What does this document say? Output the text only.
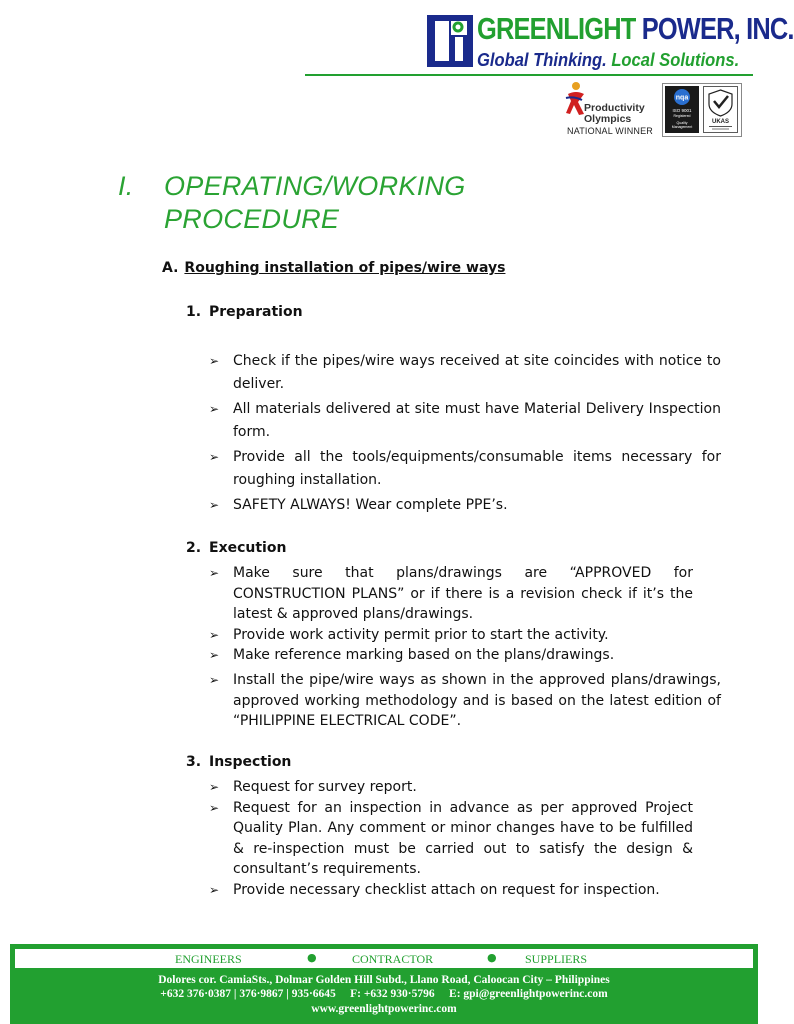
GREENLIGHT POWER, INC.
Global Thinking. Local Solutions.
Productivity
Olympics
NATIONAL WINNER
nqa
ISO 9001
Registered
Quality
Management
UKAS
I. OPERATING/WORKING
PROCEDURE
A. Roughing installation of pipes/wire ways
1. Preparation
➢ Check if the pipes/wire ways received at site coincides with notice to deliver.
➢ All materials delivered at site must have Material Delivery Inspection form.
➢ Provide all the tools/equipments/consumable items necessary for roughing installation.
➢ SAFETY ALWAYS! Wear complete PPE’s.
2. Execution
➢ Make sure that plans/drawings are “APPROVED for CONSTRUCTION PLANS” or if there is a revision check if it’s the latest & approved plans/drawings.
➢ Provide work activity permit prior to start the activity.
➢ Make reference marking based on the plans/drawings.
➢ Install the pipe/wire ways as shown in the approved plans/drawings, approved working methodology and is based on the latest edition of “PHILIPPINE ELECTRICAL CODE”.
3. Inspection
➢ Request for survey report.
➢ Request for an inspection in advance as per approved Project Quality Plan. Any comment or minor changes have to be fulfilled & re-inspection must be carried out to satisfy the design & consultant’s requirements.
➢ Provide necessary checklist attach on request for inspection.
ENGINEERS	●	CONTRACTOR	● SUPPLIERS
Dolores cor. CamiaSts., Dolmar Golden Hill Subd., Llano Road, Caloocan City – Philippines
+632 376·0387 | 376·9867 | 935·6645     F: +632 930·5796     E: gpi@greenlightpowerinc.com
www.greenlightpowerinc.com
